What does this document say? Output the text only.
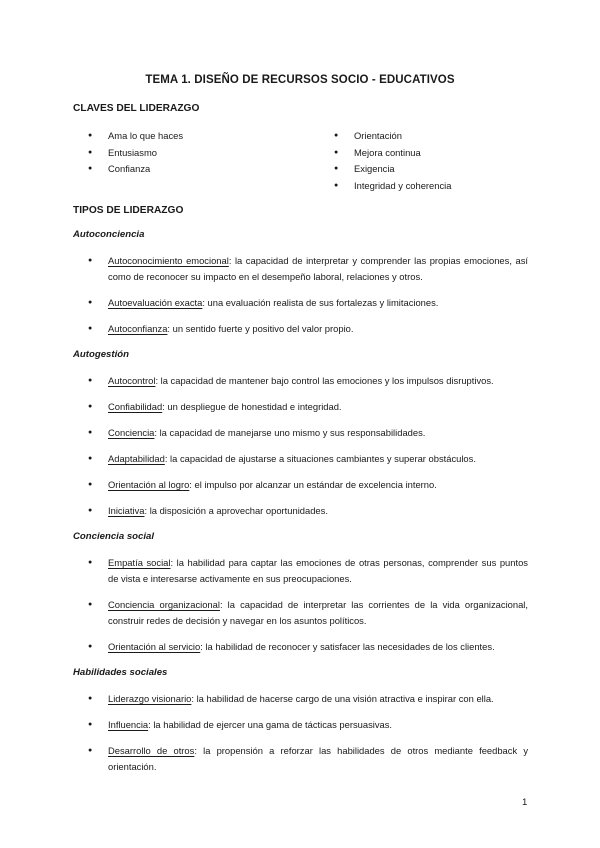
TEMA 1. DISEÑO DE RECURSOS SOCIO - EDUCATIVOS
CLAVES DEL LIDERAZGO
● Ama lo que haces
● Entusiasmo
● Confianza
● Orientación
● Mejora continua
● Exigencia
● Integridad y coherencia
TIPOS DE LIDERAZGO
Autoconciencia

● Autoconocimiento emocional: la capacidad de interpretar y comprender las propias emociones, así como de reconocer su impacto en el desempeño laboral, relaciones y otros.

● Autoevaluación exacta: una evaluación realista de sus fortalezas y limitaciones.

● Autoconfianza: un sentido fuerte y positivo del valor propio.

Autogestión

● Autocontrol: la capacidad de mantener bajo control las emociones y los impulsos disruptivos.

● Confiabilidad: un despliegue de honestidad e integridad.

● Conciencia: la capacidad de manejarse uno mismo y sus responsabilidades.

● Adaptabilidad: la capacidad de ajustarse a situaciones cambiantes y superar obstáculos.

● Orientación al logro: el impulso por alcanzar un estándar de excelencia interno.

● Iniciativa: la disposición a aprovechar oportunidades.

Conciencia social

● Empatía social: la habilidad para captar las emociones de otras personas, comprender sus puntos de vista e interesarse activamente en sus preocupaciones.

● Conciencia organizacional: la capacidad de interpretar las corrientes de la vida organizacional, construir redes de decisión y navegar en los asuntos políticos.

● Orientación al servicio: la habilidad de reconocer y satisfacer las necesidades de los clientes.

Habilidades sociales

● Liderazgo visionario: la habilidad de hacerse cargo de una visión atractiva e inspirar con ella.

● Influencia: la habilidad de ejercer una gama de tácticas persuasivas.

● Desarrollo de otros: la propensión a reforzar las habilidades de otros mediante feedback y orientación.

1
